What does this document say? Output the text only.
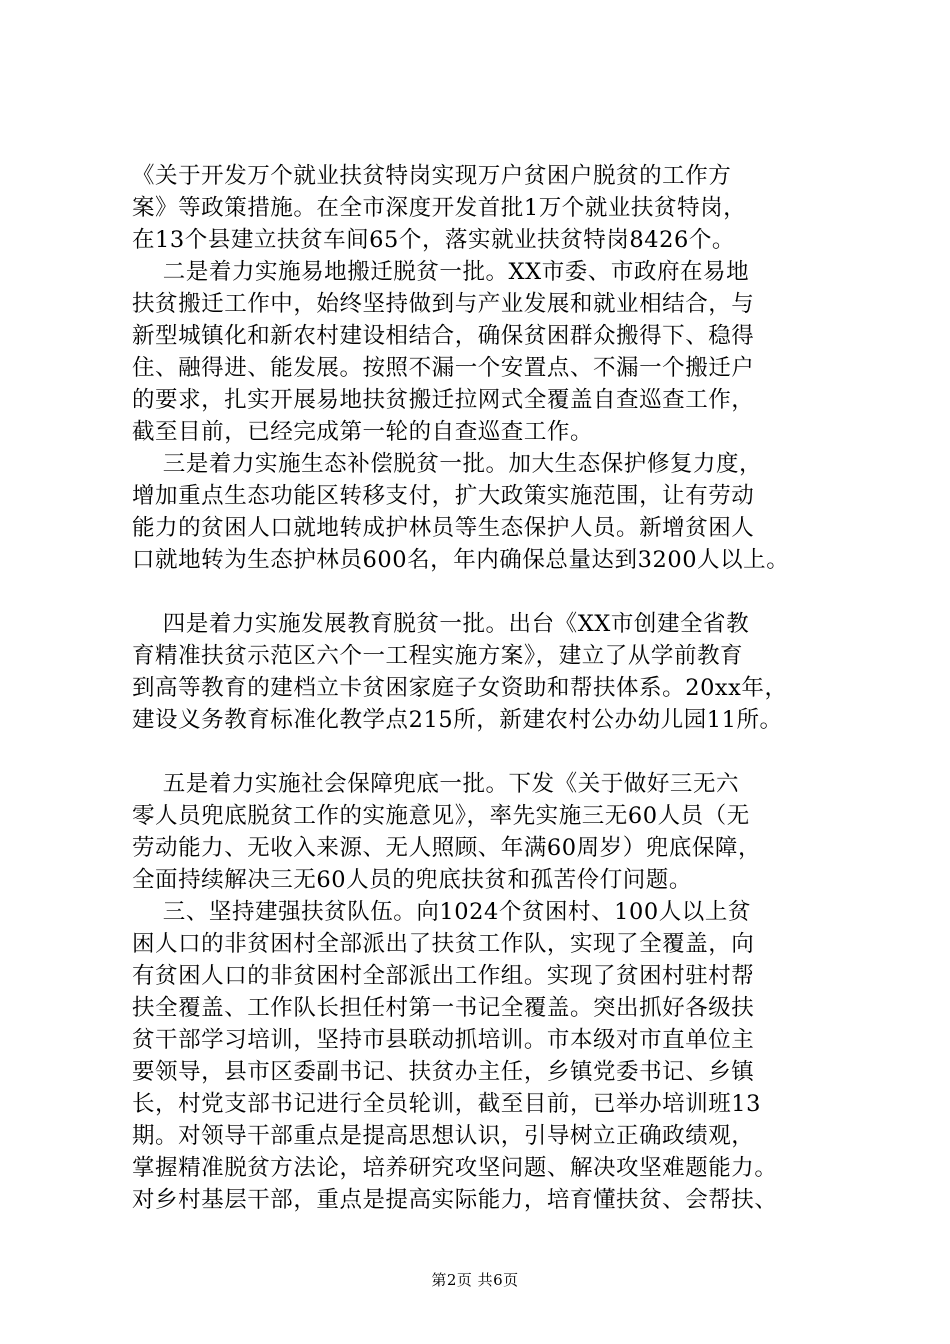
《关于开发万个就业扶贫特岗实现万户贫困户脱贫的工作方
案》等政策措施。在全市深度开发首批1万个就业扶贫特岗，
在13个县建立扶贫车间65个，落实就业扶贫特岗8426个。
二是着力实施易地搬迁脱贫一批。XX市委、市政府在易地
扶贫搬迁工作中，始终坚持做到与产业发展和就业相结合，与
新型城镇化和新农村建设相结合，确保贫困群众搬得下、稳得
住、融得进、能发展。按照不漏一个安置点、不漏一个搬迁户
的要求，扎实开展易地扶贫搬迁拉网式全覆盖自查巡查工作，
截至目前，已经完成第一轮的自查巡查工作。
三是着力实施生态补偿脱贫一批。加大生态保护修复力度，
增加重点生态功能区转移支付，扩大政策实施范围，让有劳动
能力的贫困人口就地转成护林员等生态保护人员。新增贫困人
口就地转为生态护林员600名，年内确保总量达到3200人以上。
四是着力实施发展教育脱贫一批。出台《XX市创建全省教
育精准扶贫示范区六个一工程实施方案》，建立了从学前教育
到高等教育的建档立卡贫困家庭子女资助和帮扶体系。20xx年，
建设义务教育标准化教学点215所，新建农村公办幼儿园11所。
五是着力实施社会保障兜底一批。下发《关于做好三无六
零人员兜底脱贫工作的实施意见》，率先实施三无60人员（无
劳动能力、无收入来源、无人照顾、年满60周岁）兜底保障，
全面持续解决三无60人员的兜底扶贫和孤苦伶仃问题。
三、坚持建强扶贫队伍。向1024个贫困村、100人以上贫
困人口的非贫困村全部派出了扶贫工作队，实现了全覆盖，向
有贫困人口的非贫困村全部派出工作组。实现了贫困村驻村帮
扶全覆盖、工作队长担任村第一书记全覆盖。突出抓好各级扶
贫干部学习培训，坚持市县联动抓培训。市本级对市直单位主
要领导，县市区委副书记、扶贫办主任，乡镇党委书记、乡镇
长，村党支部书记进行全员轮训，截至目前，已举办培训班13
期。对领导干部重点是提高思想认识，引导树立正确政绩观，
掌握精准脱贫方法论，培养研究攻坚问题、解决攻坚难题能力。
对乡村基层干部，重点是提高实际能力，培育懂扶贫、会帮扶、
第2页 共6页
